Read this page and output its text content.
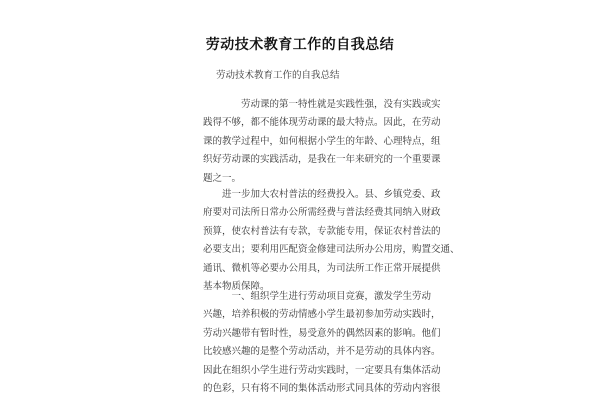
劳动技术教育工作的自我总结
劳动技术教育工作的自我总结
　　　　劳动课的第一特性就是实践性强，没有实践或实
践得不够，都不能体现劳动课的最大特点。因此，在劳动
课的教学过程中，如何根据小学生的年龄、心理特点，组
织好劳动课的实践活动，是我在一年来研究的一个重要课
题之一。
　　进一步加大农村普法的经费投入。县、乡镇党委、政
府要对司法所日常办公所需经费与普法经费其同纳入财政
预算，使农村普法有专款，专款能专用，保证农村普法的
必要支出；要利用匹配资金修建司法所办公用房，购置交通、
通讯、微机等必要办公用具，为司法所工作正常开展提供
基本物质保障。
　　　一、组织学生进行劳动项目竞赛，激发学生劳动
兴趣，培养积极的劳动情感小学生最初参加劳动实践时，
劳动兴趣带有暂时性，易受意外的偶然因素的影响。他们
比较感兴趣的是整个劳动活动，并不是劳动的具体内容。
因此在组织小学生进行劳动实践时，一定要具有集体活动
的色彩，只有将不同的集体活动形式同具体的劳动内容很
